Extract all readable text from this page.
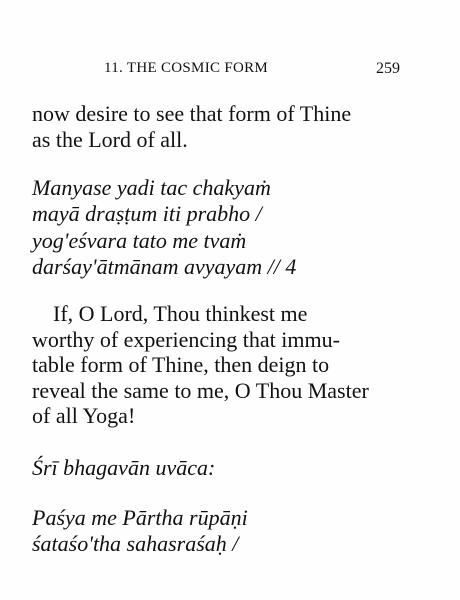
11. THE COSMIC FORM	259
now desire to see that form of Thine
as the Lord of all.
Manyase yadi tac chakyaṁ
mayā draṣṭum iti prabho /
yog'eśvara tato me tvaṁ
darśay'ātmānam avyayam // 4
If, O Lord, Thou thinkest me
worthy of experiencing that immu-
table form of Thine, then deign to
reveal the same to me, O Thou Master
of all Yoga!
Śrī bhagavān uvāca:
Paśya me Pārtha rūpāṇi
śataśo'tha sahasraśaḥ /
